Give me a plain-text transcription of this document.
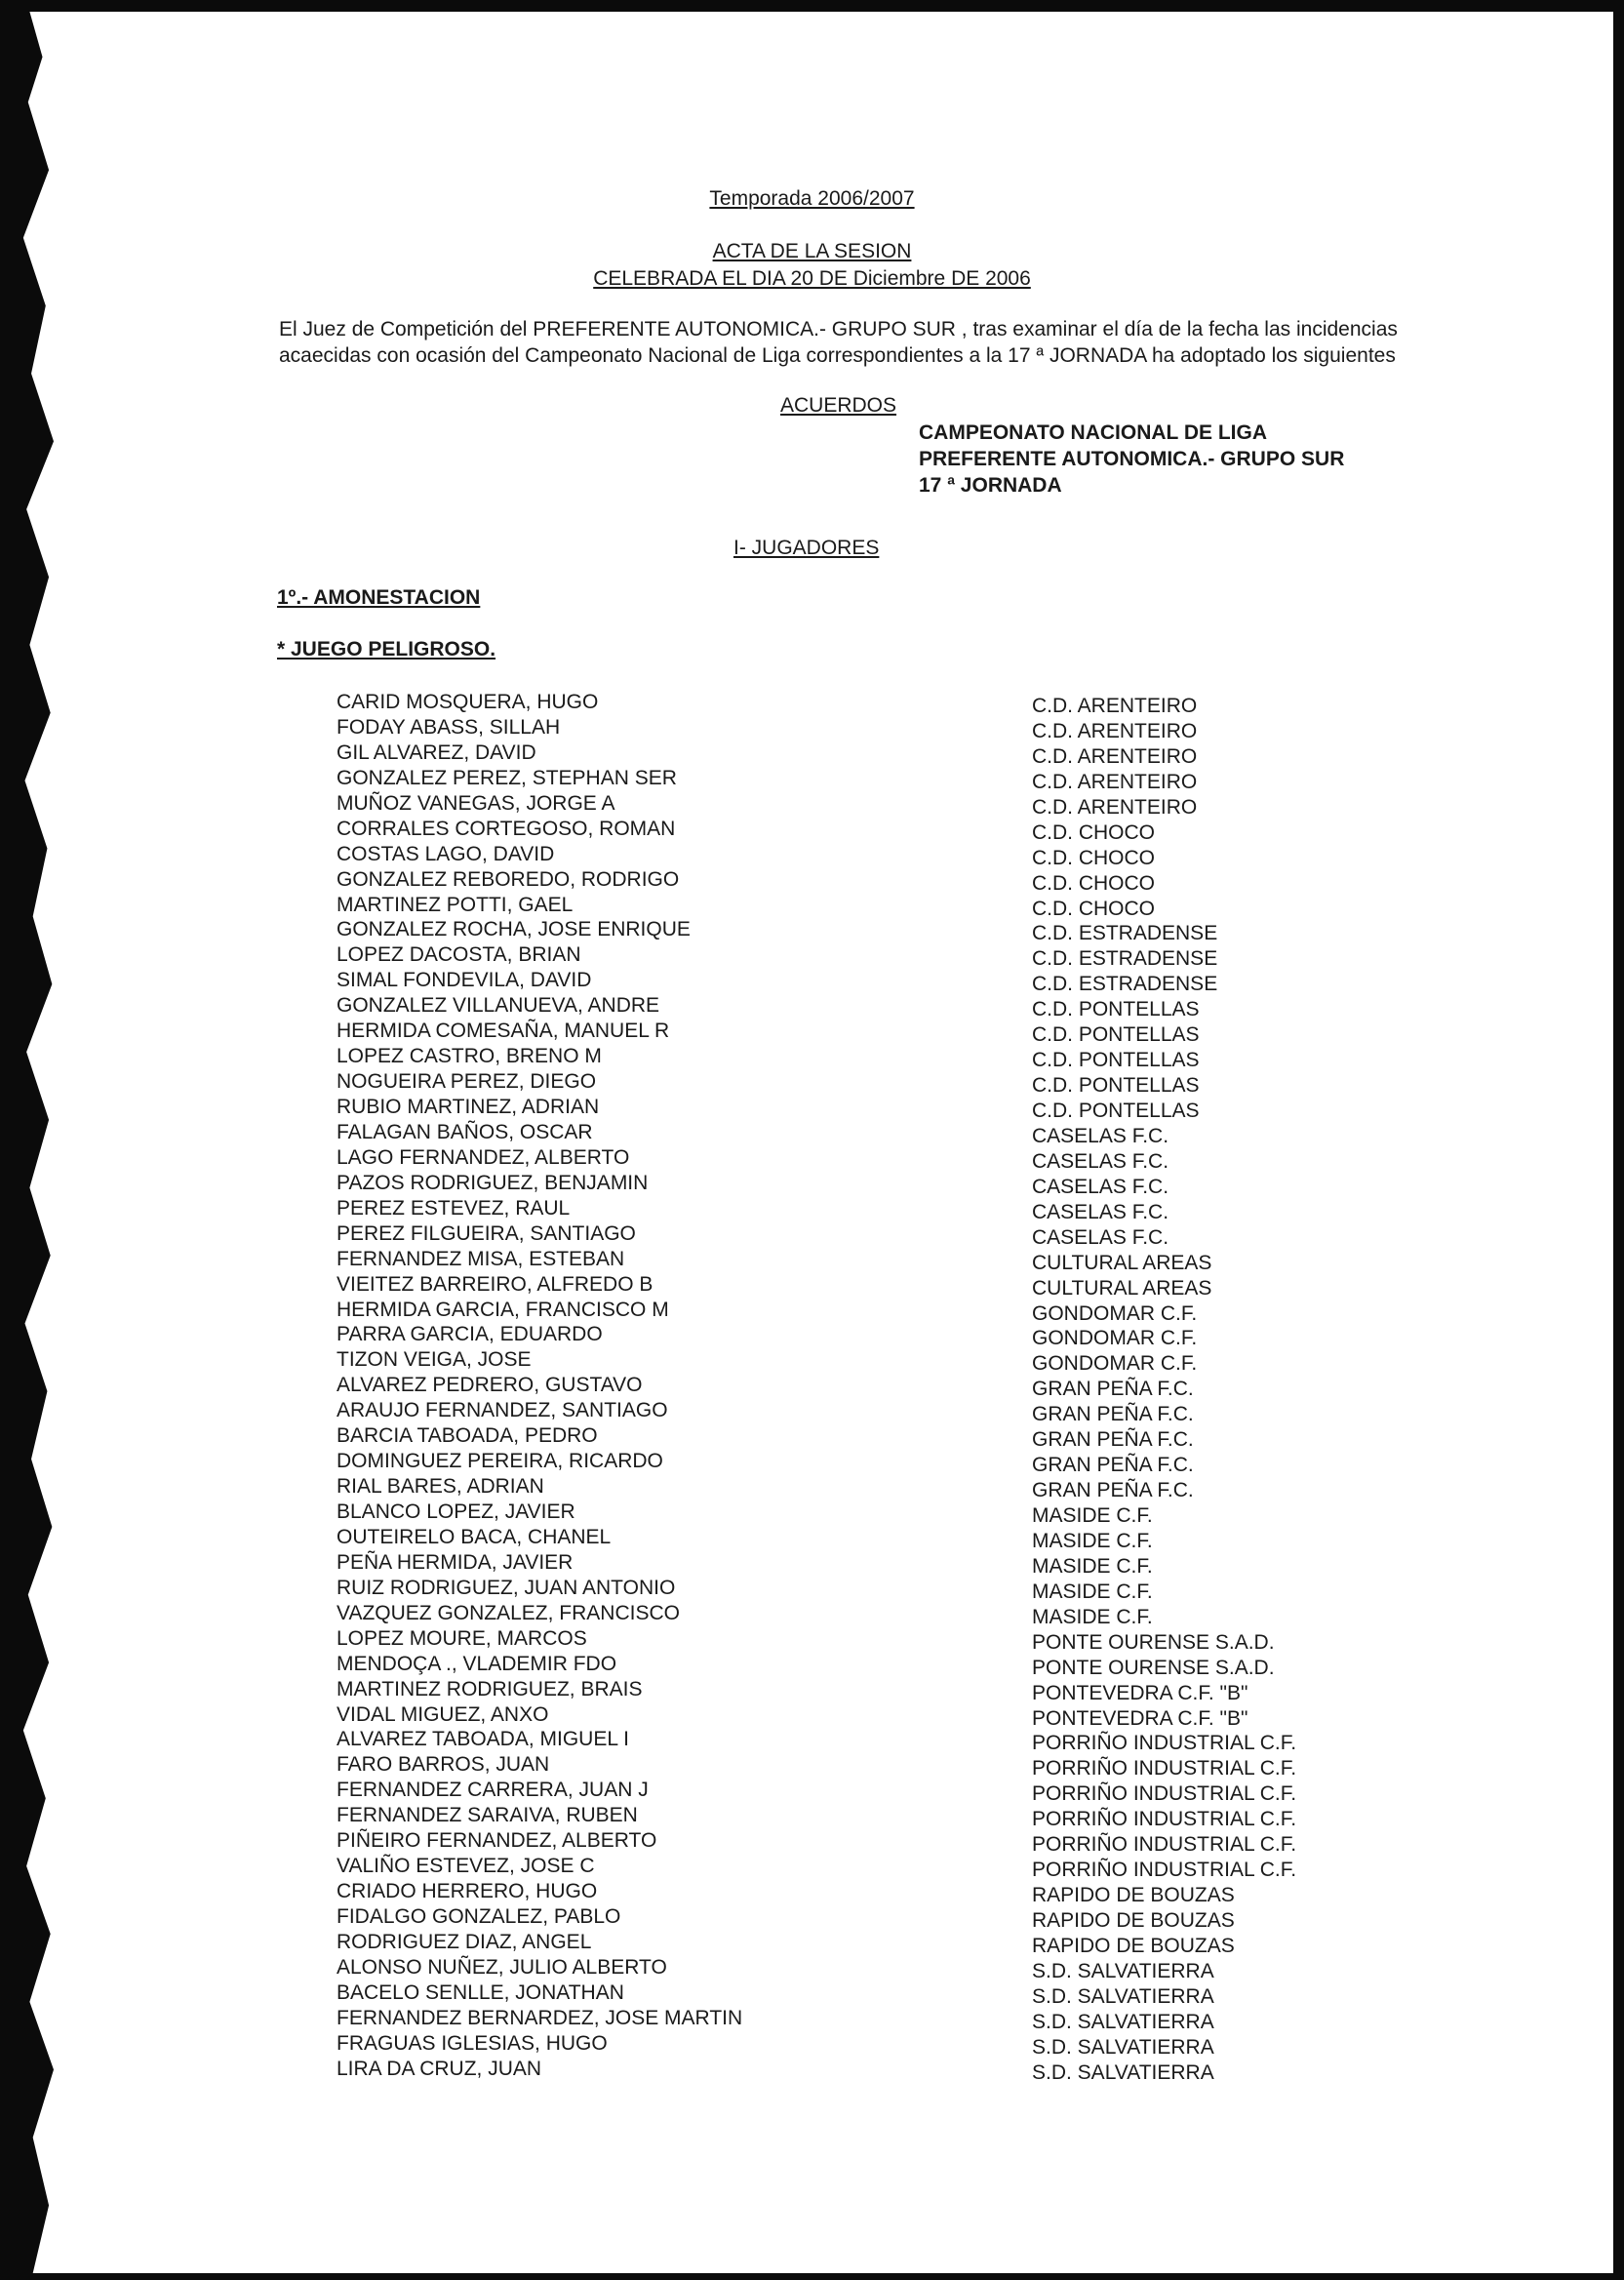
Temporada 2006/2007
ACTA DE LA SESION
CELEBRADA EL DIA 20 DE Diciembre DE 2006
El Juez de Competición del PREFERENTE AUTONOMICA.- GRUPO SUR , tras examinar el día de la fecha las incidencias
acaecidas con ocasión del Campeonato Nacional de Liga correspondientes a la 17 ª JORNADA ha adoptado los siguientes
ACUERDOS
CAMPEONATO NACIONAL DE LIGA
PREFERENTE AUTONOMICA.- GRUPO SUR
17 ª JORNADA
I- JUGADORES
1º.- AMONESTACION
* JUEGO PELIGROSO.
CARID MOSQUERA, HUGO	C.D. ARENTEIRO
FODAY ABASS, SILLAH	C.D. ARENTEIRO
GIL ALVAREZ, DAVID	C.D. ARENTEIRO
GONZALEZ PEREZ, STEPHAN SER	C.D. ARENTEIRO
MUÑOZ VANEGAS, JORGE A	C.D. ARENTEIRO
CORRALES CORTEGOSO, ROMAN	C.D. CHOCO
COSTAS LAGO, DAVID	C.D. CHOCO
GONZALEZ REBOREDO, RODRIGO	C.D. CHOCO
MARTINEZ POTTI, GAEL	C.D. CHOCO
GONZALEZ ROCHA, JOSE ENRIQUE	C.D. ESTRADENSE
LOPEZ DACOSTA, BRIAN	C.D. ESTRADENSE
SIMAL FONDEVILA, DAVID	C.D. ESTRADENSE
GONZALEZ VILLANUEVA, ANDRE	C.D. PONTELLAS
HERMIDA COMESAÑA, MANUEL R	C.D. PONTELLAS
LOPEZ CASTRO, BRENO M	C.D. PONTELLAS
NOGUEIRA PEREZ, DIEGO	C.D. PONTELLAS
RUBIO MARTINEZ, ADRIAN	C.D. PONTELLAS
FALAGAN BAÑOS, OSCAR	CASELAS F.C.
LAGO FERNANDEZ, ALBERTO	CASELAS F.C.
PAZOS RODRIGUEZ, BENJAMIN	CASELAS F.C.
PEREZ ESTEVEZ, RAUL	CASELAS F.C.
PEREZ FILGUEIRA, SANTIAGO	CASELAS F.C.
FERNANDEZ MISA, ESTEBAN	CULTURAL AREAS
VIEITEZ BARREIRO, ALFREDO B	CULTURAL AREAS
HERMIDA GARCIA, FRANCISCO M	GONDOMAR C.F.
PARRA GARCIA, EDUARDO	GONDOMAR C.F.
TIZON VEIGA, JOSE	GONDOMAR C.F.
ALVAREZ PEDRERO, GUSTAVO	GRAN PEÑA F.C.
ARAUJO FERNANDEZ, SANTIAGO	GRAN PEÑA F.C.
BARCIA TABOADA, PEDRO	GRAN PEÑA F.C.
DOMINGUEZ PEREIRA, RICARDO	GRAN PEÑA F.C.
RIAL BARES, ADRIAN	GRAN PEÑA F.C.
BLANCO LOPEZ, JAVIER	MASIDE C.F.
OUTEIRELO BACA, CHANEL	MASIDE C.F.
PEÑA HERMIDA, JAVIER	MASIDE C.F.
RUIZ RODRIGUEZ, JUAN ANTONIO	MASIDE C.F.
VAZQUEZ GONZALEZ, FRANCISCO	MASIDE C.F.
LOPEZ MOURE, MARCOS	PONTE OURENSE S.A.D.
MENDOÇA ., VLADEMIR FDO	PONTE OURENSE S.A.D.
MARTINEZ RODRIGUEZ, BRAIS	PONTEVEDRA C.F. "B"
VIDAL MIGUEZ, ANXO	PONTEVEDRA C.F. "B"
ALVAREZ TABOADA, MIGUEL I	PORRIÑO INDUSTRIAL C.F.
FARO BARROS, JUAN	PORRIÑO INDUSTRIAL C.F.
FERNANDEZ CARRERA, JUAN J	PORRIÑO INDUSTRIAL C.F.
FERNANDEZ SARAIVA, RUBEN	PORRIÑO INDUSTRIAL C.F.
PIÑEIRO FERNANDEZ, ALBERTO	PORRIÑO INDUSTRIAL C.F.
VALIÑO ESTEVEZ, JOSE C	PORRIÑO INDUSTRIAL C.F.
CRIADO HERRERO, HUGO	RAPIDO DE BOUZAS
FIDALGO GONZALEZ, PABLO	RAPIDO DE BOUZAS
RODRIGUEZ DIAZ, ANGEL	RAPIDO DE BOUZAS
ALONSO NUÑEZ, JULIO ALBERTO	S.D. SALVATIERRA
BACELO SENLLE, JONATHAN	S.D. SALVATIERRA
FERNANDEZ BERNARDEZ, JOSE MARTIN	S.D. SALVATIERRA
FRAGUAS IGLESIAS, HUGO	S.D. SALVATIERRA
LIRA DA CRUZ, JUAN	S.D. SALVATIERRA
